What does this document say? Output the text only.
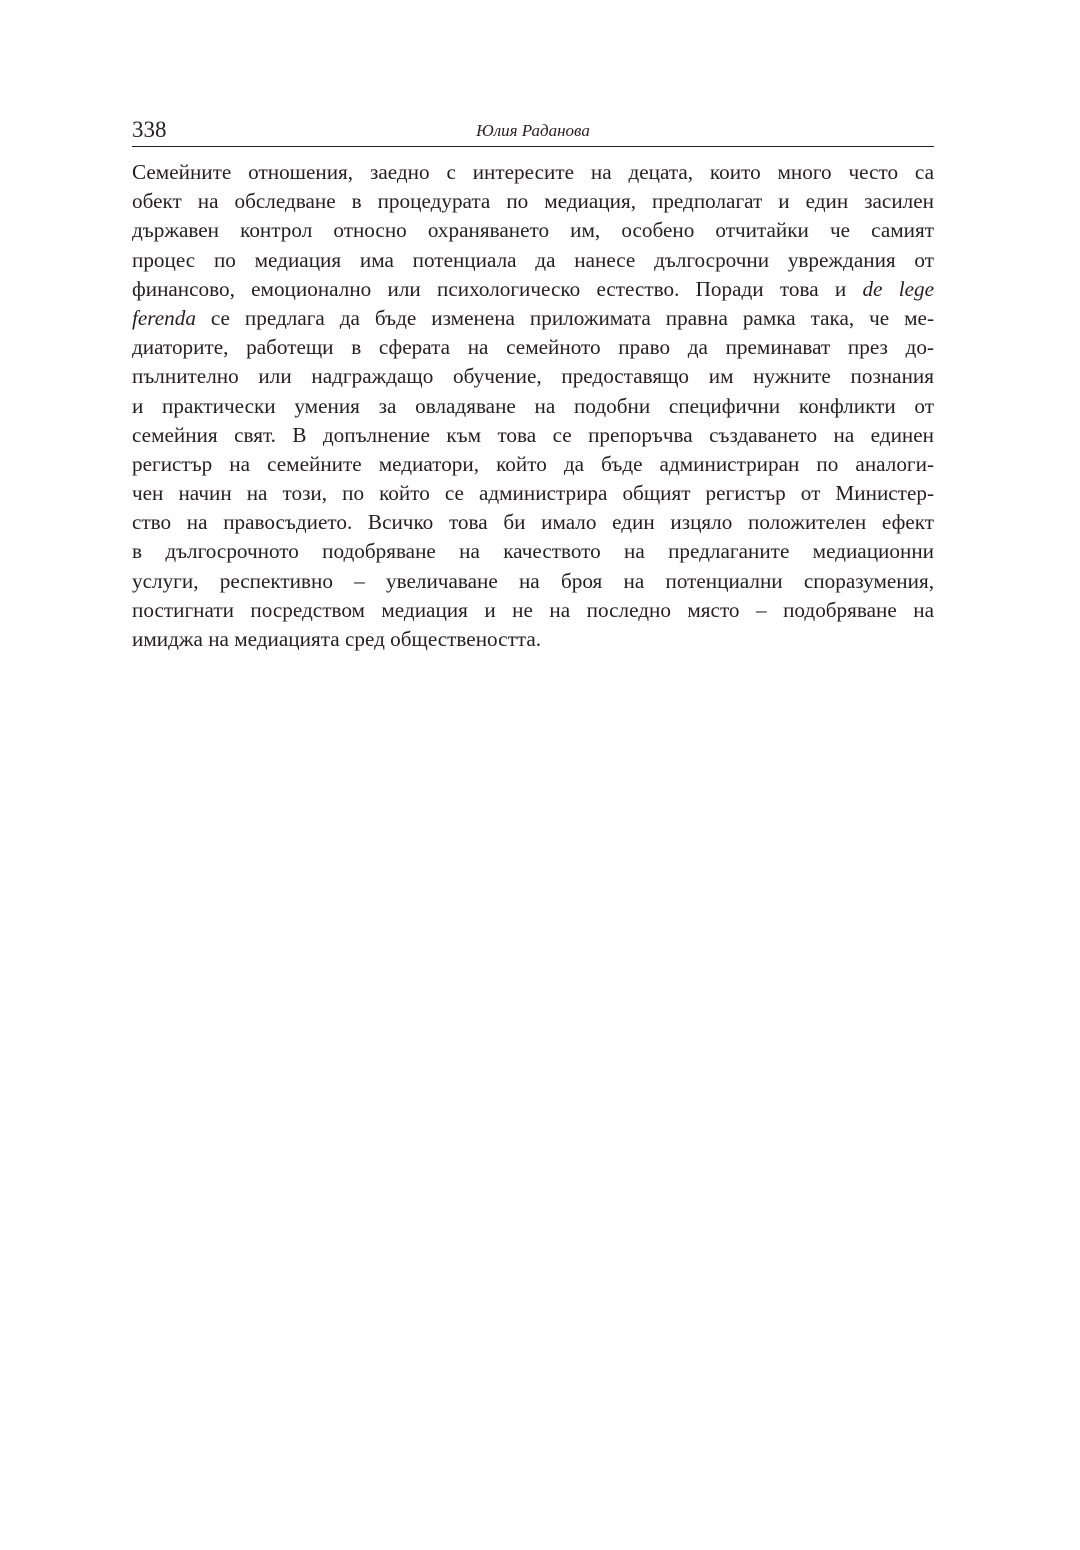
338	Юлия Раданова
Семейните отношения, заедно с интересите на децата, които много често са
обект на обследване в процедурата по медиация, предполагат и един засилен
държавен контрол относно охраняването им, особено отчитайки че самият
процес по медиация има потенциала да нанесе дългосрочни увреждания от
финансово, емоционално или психологическо естество. Поради това и de lege
ferenda се предлага да бъде изменена приложимата правна рамка така, че ме-
диаторите, работещи в сферата на семейното право да преминават през до-
пълнително или надграждащо обучение, предоставящо им нужните познания
и практически умения за овладяване на подобни специфични конфликти от
семейния свят. В допълнение към това се препоръчва създаването на единен
регистър на семейните медиатори, който да бъде администриран по аналоги-
чен начин на този, по който се администрира общият регистър от Министер-
ство на правосъдието. Всичко това би имало един изцяло положителен ефект
в дългосрочното подобряване на качеството на предлаганите медиационни
услуги, респективно – увеличаване на броя на потенциални споразумения,
постигнати посредством медиация и не на последно място – подобряване на
имиджа на медиацията сред обществеността.
